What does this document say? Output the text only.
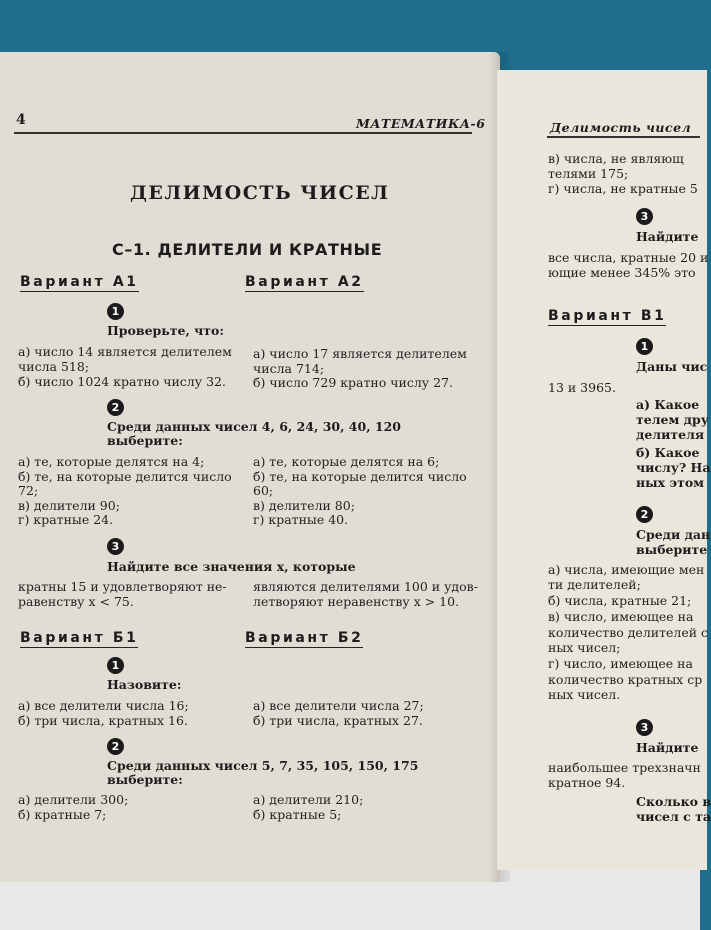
4	МАТЕМАТИКА-6
ДЕЛИМОСТЬ ЧИСЕЛ
С–1. ДЕЛИТЕЛИ И КРАТНЫЕ
Вариант А1	Вариант А2
1
Проверьте, что:
а) число 14 является делителем
числа 518;
б) число 1024 кратно числу 32.
а) число 17 является делителем
числа 714;
б) число 729 кратно числу 27.
2
Среди данных чисел 4, 6, 24, 30, 40, 120
выберите:
а) те, которые делятся на 4;
б) те, на которые делится число
72;
в) делители 90;
г) кратные 24.
а) те, которые делятся на 6;
б) те, на которые делится число
60;
в) делители 80;
г) кратные 40.
3
Найдите все значения x, которые
кратны 15 и удовлетворяют не-
равенству x < 75.
являются делителями 100 и удов-
летворяют неравенству x > 10.
Вариант Б1	Вариант Б2
1
Назовите:
а) все делители числа 16;
б) три числа, кратных 16.
а) все делители числа 27;
б) три числа, кратных 27.
2
Среди данных чисел 5, 7, 35, 105, 150, 175
выберите:
а) делители 300;
б) кратные 7;
а) делители 210;
б) кратные 5;
Делимость чисел
в) числа, не являющ
телями 175;
г) числа, не кратные 5
3
Найдите
все числа, кратные 20 и
ющие менее 345% это
Вариант В1
1
Даны чис
13 и 3965.
а) Какое
телем дру
делителя
б) Какое
числу? На
ных этом
2
Среди дан
выберите
а) числа, имеющие мен
ти делителей;
б) числа, кратные 21;
в) число, имеющее на
количество делителей с
ных чисел;
г) число, имеющее на
количество кратных ср
ных чисел.
3
Найдите
наибольшее трехзначн
кратное 94.
Сколько в
чисел с та
